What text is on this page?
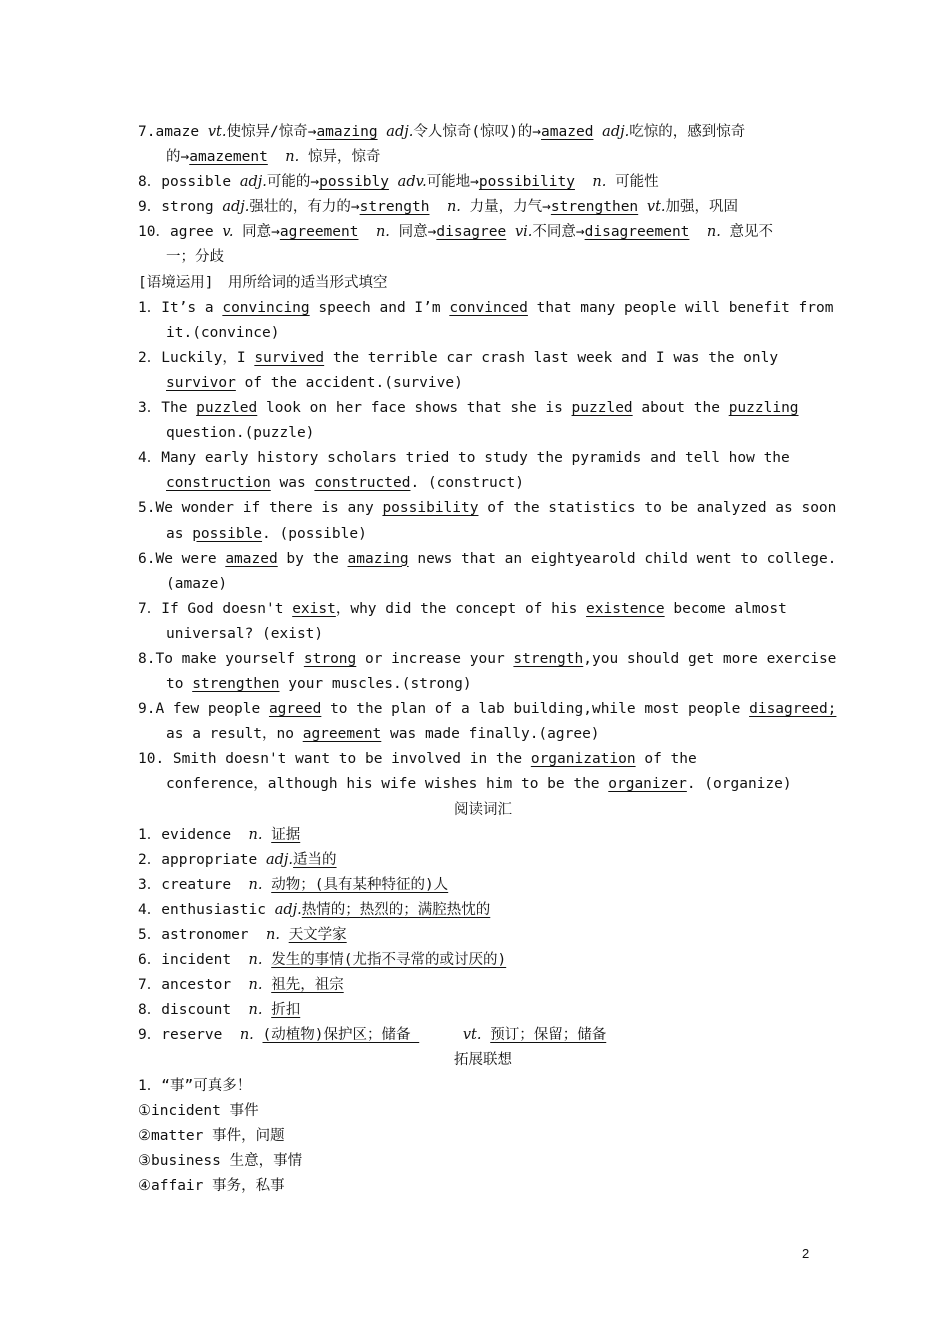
7.amaze vt.使惊异/惊奇→amazing adj.令人惊奇(惊叹)的→amazed adj.吃惊的，感到惊奇
的→amazement n. 惊异，惊奇
8．possible adj.可能的→possibly adv.可能地→possibility n. 可能性
9．strong adj.强壮的，有力的→strength n. 力量，力气→strengthen vt.加强，巩固
10．agree v. 同意→agreement n. 同意→disagree vi.不同意→disagreement n. 意见不
一；分歧
[语境运用]　用所给词的适当形式填空
1．It’s a convincing speech and I’m convinced that many people will benefit from
it.(convince)
2．Luckily，I survived the terrible car crash last week and I was the only
survivor of the accident.(survive)
3．The puzzled look on her face shows that she is puzzled about the puzzling
question.(puzzle)
4．Many early history scholars tried to study the pyramids and tell how the
construction was constructed. (construct)
5.We wonder if there is any possibility of the statistics to be analyzed as soon
as possible. (possible)
6.We were amazed by the amazing news that an eightyearold child went to college.
(amaze)
7．If God doesn't exist，why did the concept of his existence become almost
universal? (exist)
8.To make yourself strong or increase your strength,you should get more exercise
to strengthen your muscles.(strong)
9.A few people agreed to the plan of a lab building,while most people disagreed;
as a result，no agreement was made finally.(agree)
10. Smith doesn't want to be involved in the organization of the
conference，although his wife wishes him to be the organizer. (organize)
阅读词汇
1．evidence  n. 证据
2．appropriate adj.适当的
3．creature  n. 动物；(具有某种特征的)人
4．enthusiastic adj.热情的；热烈的；满腔热忱的
5．astronomer  n. 天文学家
6．incident  n. 发生的事情(尤指不寻常的或讨厌的)
7．ancestor  n. 祖先，祖宗
8．discount  n. 折扣
9．reserve  n. (动植物)保护区；储备	vt. 预订；保留；储备
拓展联想
1．“事”可真多！
①incident 事件
②matter 事件，问题
③business 生意，事情
④affair 事务，私事
2
